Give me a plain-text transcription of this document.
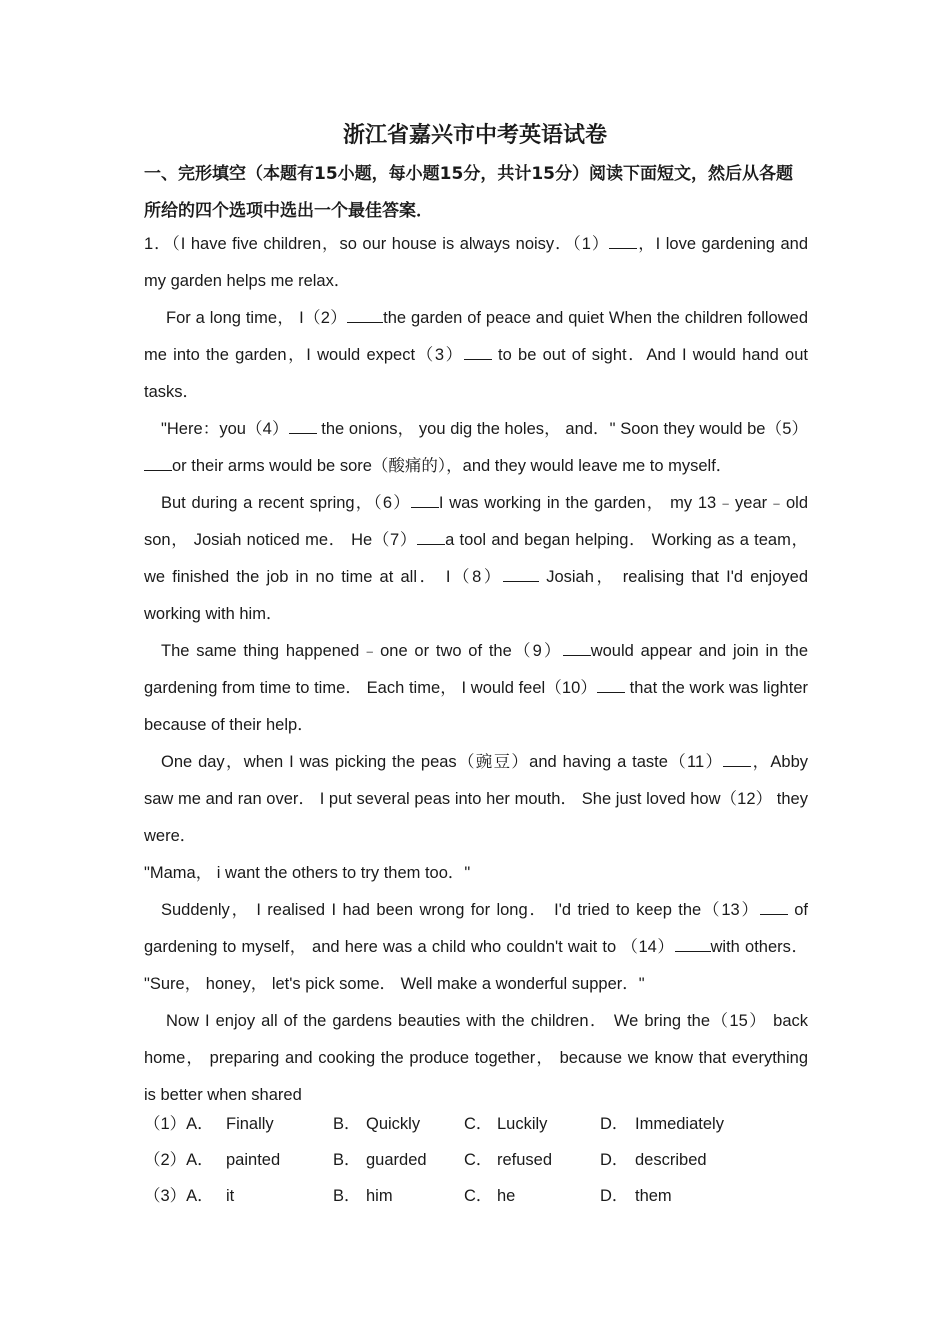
浙江省嘉兴市中考英语试卷
一、完形填空（本题有15小题，每小题15分，共计15分）阅读下面短文，然后从各题所给的四个选项中选出一个最佳答案．

1．（I have five children，so our house is always noisy．（1） ，I love gardening and my garden helps me relax．

For a long time， I（2） the garden of peace and quiet When the children followed me into the garden，I would expect（3） to be out of sight．And I would hand out tasks．

"Here：you（4） the onions， you dig the holes， and．" Soon they would be（5）or their arms would be sore（酸痛的），and they would leave me to myself．

But during a recent spring，（6） I was working in the garden， my 13﹣year﹣old son， Josiah noticed me． He（7） a tool and began helping． Working as a team， we finished the job in no time at all． I（8） Josiah， realising that I'd enjoyed working with him．

The same thing happened﹣one or two of the（9） would appear and join in the gardening from time to time． Each time， I would feel（10） that the work was lighter because of their help．

One day，when I was picking the peas（豌豆）and having a taste（11） ，Abby saw me and ran over． I put several peas into her mouth． She just loved how（12） they were．

"Mama， i want the others to try them too．"

Suddenly， I realised I had been wrong for long． I'd tried to keep the（13） of gardening to myself， and here was a child who couldn't wait to （14） with others． "Sure， honey， let's pick some． Well make a wonderful supper．"

Now I enjoy all of the gardens beauties with the children． We bring the（15） back home， preparing and cooking the produce together， because we know that everything is better when shared

（1）A． Finally	B． Quickly	C． Luckily	D． Immediately
（2）A． painted	B． guarded C． refused	D． described
（3）A． it	B． him	C． he	D． them
